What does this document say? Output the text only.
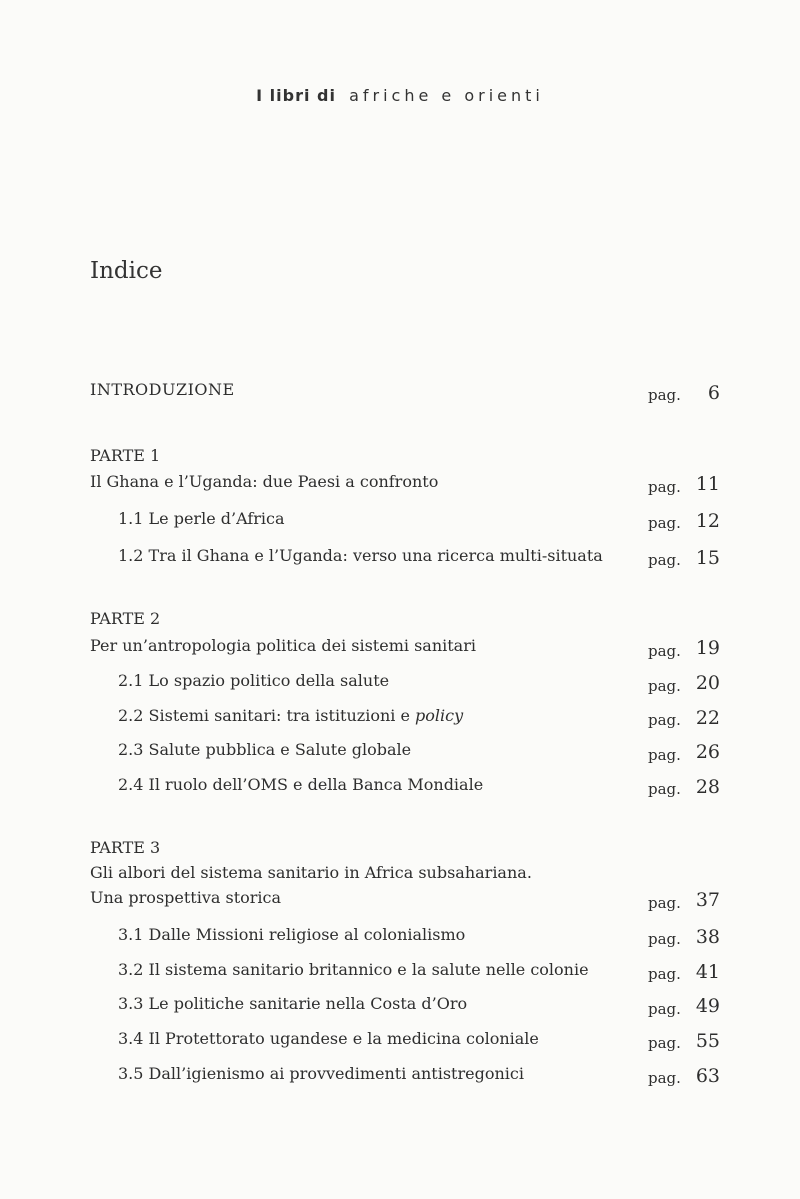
I libri di afriche e orienti
Indice
INTRODUZIONE	pag.	6
PARTE 1
Il Ghana e l’Uganda: due Paesi a confronto	pag. 11
1.1 Le perle d’Africa	pag. 12
1.2 Tra il Ghana e l’Uganda: verso una ricerca multi-situata	pag. 15
PARTE 2
Per un’antropologia politica dei sistemi sanitari	pag. 19
2.1 Lo spazio politico della salute	pag. 20
2.2 Sistemi sanitari: tra istituzioni e policy	pag. 22
2.3 Salute pubblica e Salute globale	pag. 26
2.4 Il ruolo dell’OMS e della Banca Mondiale	pag. 28
PARTE 3
Gli albori del sistema sanitario in Africa subsahariana.
Una prospettiva storica	pag. 37
3.1 Dalle Missioni religiose al colonialismo	pag. 38
3.2 Il sistema sanitario britannico e la salute nelle colonie	pag. 41
3.3 Le politiche sanitarie nella Costa d’Oro	pag. 49
3.4 Il Protettorato ugandese e la medicina coloniale	pag. 55
3.5 Dall’igienismo ai provvedimenti antistregonici	pag. 63
